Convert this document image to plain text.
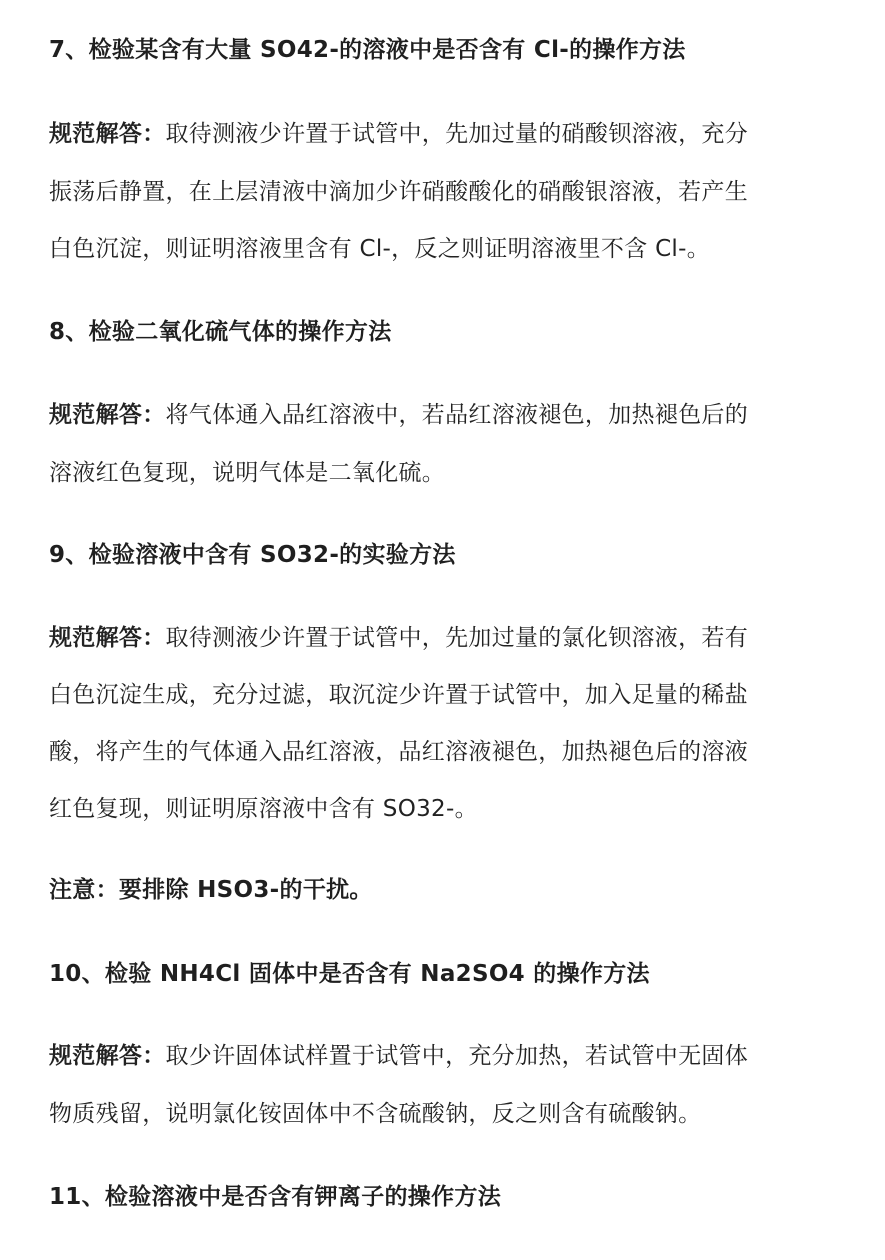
7、检验某含有大量 SO42-的溶液中是否含有 Cl-的操作方法
规范解答：取待测液少许置于试管中，先加过量的硝酸钡溶液，充分
振荡后静置，在上层清液中滴加少许硝酸酸化的硝酸银溶液，若产生
白色沉淀，则证明溶液里含有 Cl-，反之则证明溶液里不含 Cl-。
8、检验二氧化硫气体的操作方法
规范解答：将气体通入品红溶液中，若品红溶液褪色，加热褪色后的
溶液红色复现，说明气体是二氧化硫。
9、检验溶液中含有 SO32-的实验方法
规范解答：取待测液少许置于试管中，先加过量的氯化钡溶液，若有
白色沉淀生成，充分过滤，取沉淀少许置于试管中，加入足量的稀盐
酸，将产生的气体通入品红溶液，品红溶液褪色，加热褪色后的溶液
红色复现，则证明原溶液中含有 SO32-。
注意：要排除 HSO3-的干扰。
10、检验 NH4Cl 固体中是否含有 Na2SO4 的操作方法
规范解答：取少许固体试样置于试管中，充分加热，若试管中无固体
物质残留，说明氯化铵固体中不含硫酸钠，反之则含有硫酸钠。
11、检验溶液中是否含有钾离子的操作方法
